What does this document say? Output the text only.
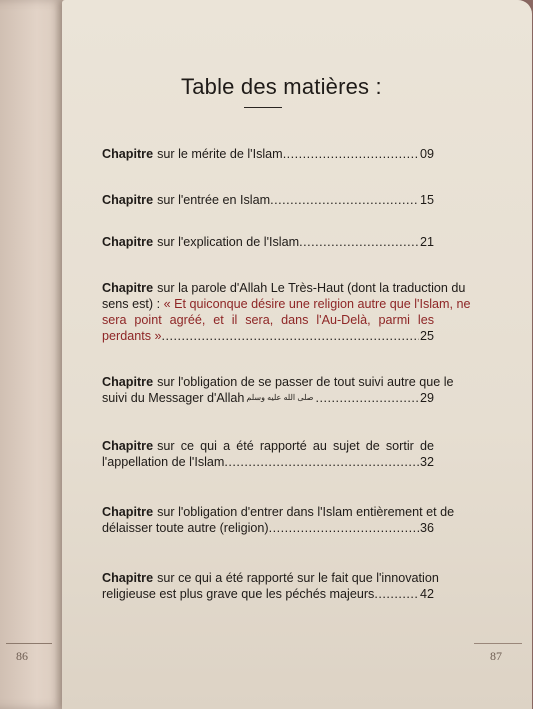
86
Table des matières :
Chapitre sur le mérite de l'Islam .....	09
Chapitre sur l'entrée en Islam .....	15
Chapitre sur l'explication de l'Islam .....	21
Chapitre sur la parole d'Allah Le Très-Haut (dont la traduction du
sens est) : « Et quiconque désire une religion autre que l'Islam, ne
sera point agréé, et il sera, dans l'Au-Delà, parmi les
perdants » .....	25
Chapitre sur l'obligation de se passer de tout suivi autre que le
suivi du Messager d'Allah صلى الله عليه وسلم .....	29
Chapitre sur ce qui a été rapporté au sujet de sortir de
l'appellation de l'Islam .....	32
Chapitre sur l'obligation d'entrer dans l'Islam entièrement et de
délaisser toute autre (religion) .....	36
Chapitre sur ce qui a été rapporté sur le fait que l'innovation
religieuse est plus grave que les péchés majeurs .....	42
87
